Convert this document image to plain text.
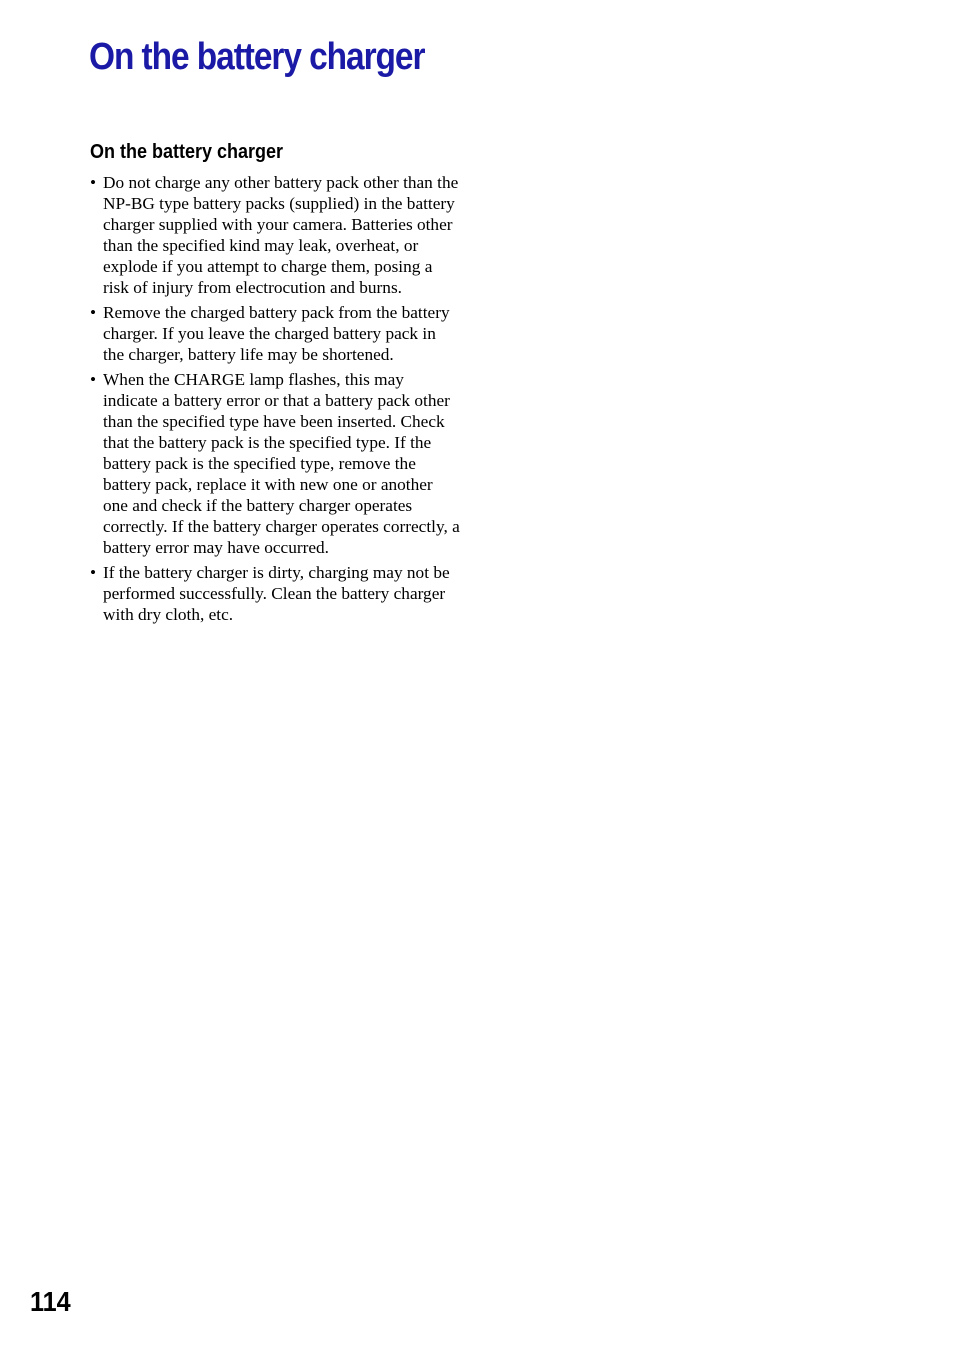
On the battery charger
On the battery charger
• Do not charge any other battery pack other than the NP-BG type battery packs (supplied) in the battery charger supplied with your camera. Batteries other than the specified kind may leak, overheat, or explode if you attempt to charge them, posing a risk of injury from electrocution and burns.
• Remove the charged battery pack from the battery charger. If you leave the charged battery pack in the charger, battery life may be shortened.
• When the CHARGE lamp flashes, this may indicate a battery error or that a battery pack other than the specified type have been inserted. Check that the battery pack is the specified type. If the battery pack is the specified type, remove the battery pack, replace it with new one or another one and check if the battery charger operates correctly. If the battery charger operates correctly, a battery error may have occurred.
• If the battery charger is dirty, charging may not be performed successfully. Clean the battery charger with dry cloth, etc.
114
